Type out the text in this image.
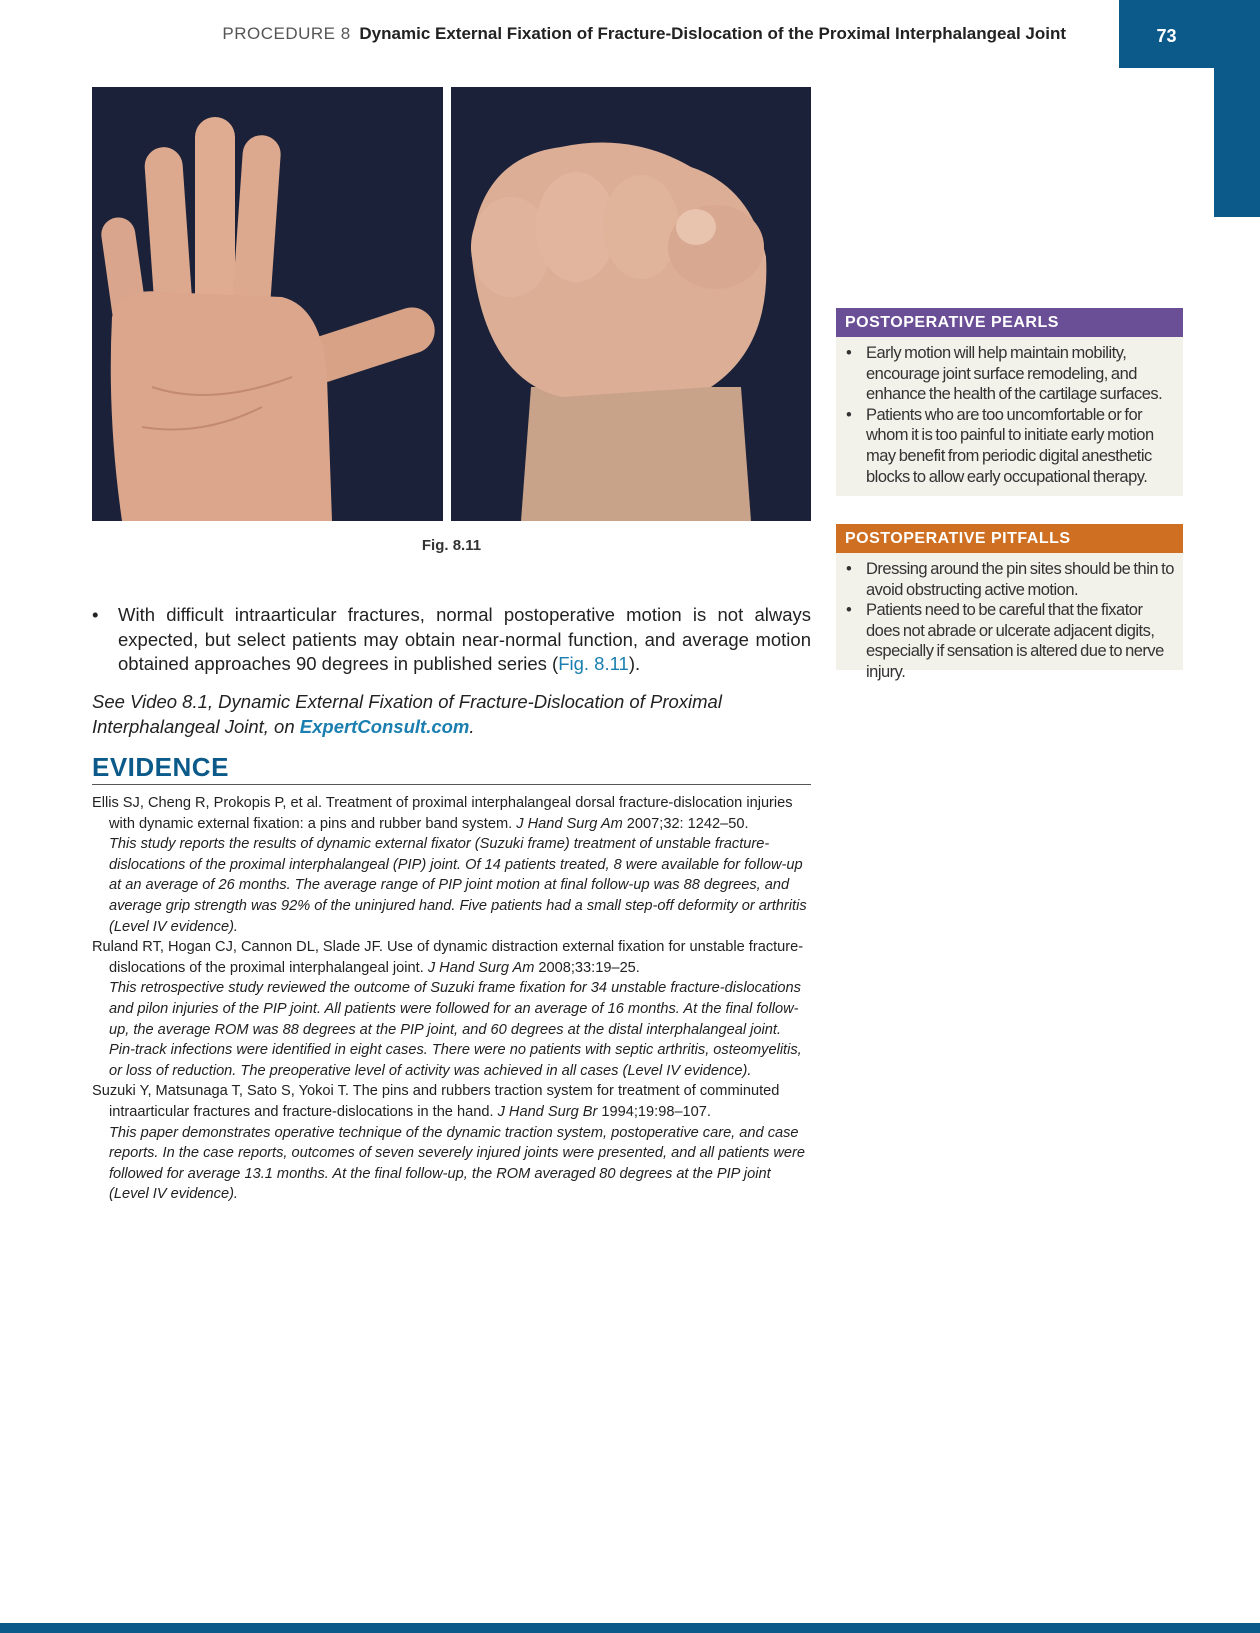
PROCEDURE 8 Dynamic External Fixation of Fracture-Dislocation of the Proximal Interphalangeal Joint	73
Fig. 8.11
• With difficult intraarticular fractures, normal postoperative motion is not always expected, but select patients may obtain near-normal function, and average motion obtained approaches 90 degrees in published series (Fig. 8.11).
See Video 8.1, Dynamic External Fixation of Fracture-Dislocation of Proximal Interphalangeal Joint, on ExpertConsult.com.
EVIDENCE
Ellis SJ, Cheng R, Prokopis P, et al. Treatment of proximal interphalangeal dorsal fracture-dislocation injuries with dynamic external fixation: a pins and rubber band system. J Hand Surg Am 2007;32: 1242–50.
This study reports the results of dynamic external fixator (Suzuki frame) treatment of unstable fracture-dislocations of the proximal interphalangeal (PIP) joint. Of 14 patients treated, 8 were available for follow-up at an average of 26 months. The average range of PIP joint motion at final follow-up was 88 degrees, and average grip strength was 92% of the uninjured hand. Five patients had a small step-off deformity or arthritis (Level IV evidence).
Ruland RT, Hogan CJ, Cannon DL, Slade JF. Use of dynamic distraction external fixation for unstable fracture-dislocations of the proximal interphalangeal joint. J Hand Surg Am 2008;33:19–25.
This retrospective study reviewed the outcome of Suzuki frame fixation for 34 unstable fracture-dislocations and pilon injuries of the PIP joint. All patients were followed for an average of 16 months. At the final follow-up, the average ROM was 88 degrees at the PIP joint, and 60 degrees at the distal interphalangeal joint. Pin-track infections were identified in eight cases. There were no patients with septic arthritis, osteomyelitis, or loss of reduction. The preoperative level of activity was achieved in all cases (Level IV evidence).
Suzuki Y, Matsunaga T, Sato S, Yokoi T. The pins and rubbers traction system for treatment of comminuted intraarticular fractures and fracture-dislocations in the hand. J Hand Surg Br 1994;19:98–107.
This paper demonstrates operative technique of the dynamic traction system, postoperative care, and case reports. In the case reports, outcomes of seven severely injured joints were presented, and all patients were followed for average 13.1 months. At the final follow-up, the ROM averaged 80 degrees at the PIP joint (Level IV evidence).
POSTOPERATIVE PEARLS
• Early motion will help maintain mobility, encourage joint surface remodeling, and enhance the health of the cartilage surfaces.
• Patients who are too uncomfortable or for whom it is too painful to initiate early motion may benefit from periodic digital anesthetic blocks to allow early occupational therapy.
POSTOPERATIVE PITFALLS
• Dressing around the pin sites should be thin to avoid obstructing active motion.
• Patients need to be careful that the fixator does not abrade or ulcerate adjacent digits, especially if sensation is altered due to nerve injury.
